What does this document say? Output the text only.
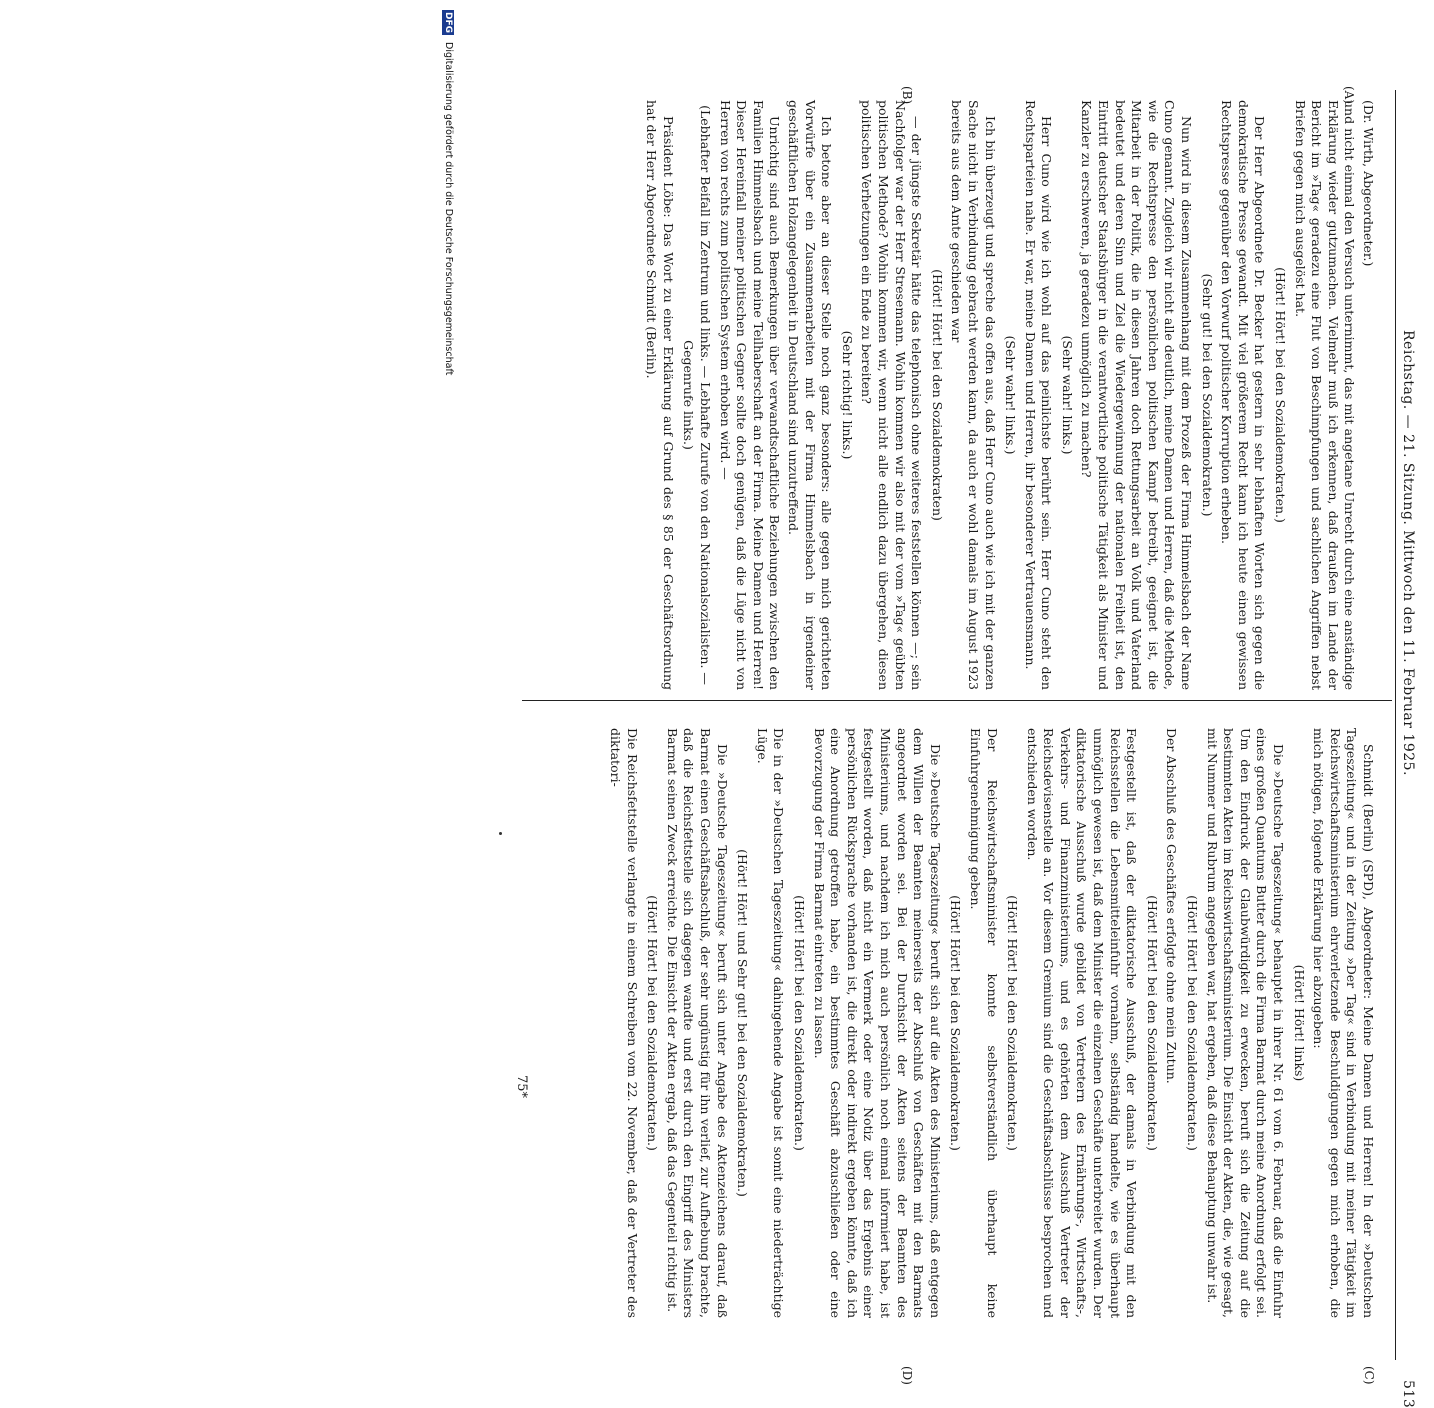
Reichstag. — 21. Sitzung. Mittwoch den 11. Februar 1925.
513
(A)
(B)
(C)
(D)

(Dr. Wirth, Abgeordneter.)

und nicht einmal den Versuch unternimmt, das mit angetane Unrecht durch eine anständige Erklärung wieder gutzumachen. Vielmehr muß ich erkennen, daß draußen im Lande der Bericht im »Tag« geradezu eine Flut von Beschimpfungen und sachlichen Angriffen nebst Briefen gegen mich ausgelöst hat.

(Hört! Hört! bei den Sozialdemokraten.)

Der Herr Abgeordnete Dr. Becker hat gestern in sehr lebhaften Worten sich gegen die demokratische Presse gewandt. Mit viel größerem Recht kann ich heute einen gewissen Rechtspresse gegenüber den Vorwurf politischer Korruption erheben.

(Sehr gut! bei den Sozialdemokraten.)

Nun wird in diesem Zusammenhang mit dem Prozeß der Firma Himmelsbach der Name Cuno genannt. Zugleich wir nicht alle deutlich, meine Damen und Herren, daß die Methode, wie die Rechtspresse den persönlichen politischen Kampf betreibt, geeignet ist, die Mitarbeit in der Politik, die in diesen Jahren doch Rettungsarbeit an Volk und Vaterland bedeutet und deren Sinn und Ziel die Wiedergewinnung der nationalen Freiheit ist, den Eintritt deutscher Staatsbürger in die verantwortliche politische Tätigkeit als Minister und Kanzler zu erschweren, ja geradezu unmöglich zu machen?

(Sehr wahr! links.)

Herr Cuno wird wie ich wohl auf das peinlichste berührt sein. Herr Cuno steht den Rechtsparteien nahe. Er war, meine Damen und Herren, ihr besonderer Vertrauensmann.

(Sehr wahr! links.)

Ich bin überzeugt und spreche das offen aus, daß Herr Cuno auch wie ich mit der ganzen Sache nicht in Verbindung gebracht werden kann, da auch er wohl damals im August 1923 bereits aus dem Amte geschieden war

(Hört! Hört! bei den Sozialdemokraten)

— der jüngste Sekretär hätte das telephonisch ohne weiteres feststellen können —; sein Nachfolger war der Herr Stresemann. Wohin kommen wir also mit der vom »Tag« geübten politischen Methode? Wohin kommen wir, wenn nicht alle endlich dazu übergehen, diesen politischen Verhetzungen ein Ende zu bereiten?

(Sehr richtig! links.)

Ich betone aber an dieser Stelle noch ganz besonders: alle gegen mich gerichteten Vorwürfe über ein Zusammenarbeiten mit der Firma Himmelsbach in irgendeiner geschäftlichen Holzangelegenheit in Deutschland sind unzutreffend.

Unrichtig sind auch Bemerkungen über verwandtschaftliche Beziehungen zwischen den Familien Himmelsbach und meine Teilhaberschaft an der Firma. Meine Damen und Herren! Dieser Hereinfall meiner politischen Gegner sollte doch genügen, daß die Lüge nicht von Herren von rechts zum politischen System erhoben wird. —

(Lebhafter Beifall im Zentrum und links. — Lebhafte Zurufe von den Nationalsozialisten. — Gegenrufe links.)

Präsident Löbe: Das Wort zu einer Erklärung auf Grund des § 85 der Geschäftsordnung hat der Herr Abgeordnete Schmidt (Berlin).

Schmidt (Berlin) (SPD), Abgeordneter: Meine Damen und Herren! In der »Deutschen Tageszeitung« und in der Zeitung »Der Tag« sind in Verbindung mit meiner Tätigkeit im Reichswirtschaftsministerium ehrverletzende Beschuldigungen gegen mich erhoben, die mich nötigen, folgende Erklärung hier abzugeben:

(Hört! Hört! links)

Die »Deutsche Tageszeitung« behauptet in ihrer Nr. 61 vom 6. Februar, daß die Einfuhr eines großen Quantums Butter durch die Firma Barmat durch meine Anordnung erfolgt sei. Um den Eindruck der Glaubwürdigkeit zu erwecken, beruft sich die Zeitung auf die bestimmten Akten im Reichswirtschaftsministerium. Die Einsicht der Akten, die, wie gesagt, mit Nummer und Rubrum angegeben war, hat ergeben, daß diese Behauptung unwahr ist.

(Hört! Hört! bei den Sozialdemokraten.)

Der Abschluß des Geschäftes erfolgte ohne mein Zutun.

(Hört! Hört! bei den Sozialdemokraten.)

Festgestellt ist, daß der diktatorische Ausschuß, der damals in Verbindung mit den Reichsstellen die Lebensmitteleinfuhr vornahm, selbständig handelte, wie es überhaupt unmöglich gewesen ist, daß dem Minister die einzelnen Geschäfte unterbreitet wurden. Der diktatorische Ausschuß wurde gebildet von Vertretern des Ernährungs-, Wirtschafts-, Verkehrs- und Finanzministeriums, und es gehörten dem Ausschuß Vertreter der Reichsdevisenstelle an. Vor diesem Gremium sind die Geschäftsabschlüsse besprochen und entschieden worden.

(Hört! Hört! bei den Sozialdemokraten.)

Der Reichswirtschaftsminister konnte selbstverständlich überhaupt keine Einfuhrgenehmigung geben.

(Hört! Hört! bei den Sozialdemokraten.)

Die »Deutsche Tageszeitung« beruft sich auf die Akten des Ministeriums, daß entgegen dem Willen der Beamten meinerseits der Abschluß von Geschäften mit den Barmats angeordnet worden sei. Bei der Durchsicht der Akten seitens der Beamten des Ministeriums, und nachdem ich mich auch persönlich noch einmal informiert habe, ist festgestellt worden, daß nicht ein Vermerk oder eine Notiz über das Ergebnis einer persönlichen Rücksprache vorhanden ist, die direkt oder indirekt ergeben könnte, daß ich eine Anordnung getroffen habe, ein bestimmtes Geschäft abzuschließen oder eine Bevorzugung der Firma Barmat eintreten zu lassen.

(Hört! Hört! bei den Sozialdemokraten.)

Die in der »Deutschen Tageszeitung« dahingehende Angabe ist somit eine niederträchtige Lüge.

(Hört! Hört! und Sehr gut! bei den Sozialdemokraten.)

Die »Deutsche Tageszeitung« beruft sich unter Angabe des Aktenzeichens darauf, daß Barmat einen Geschäftsabschluß, der sehr ungünstig für ihn verlief, zur Aufhebung brachte, daß die Reichsfettstelle sich dagegen wandte und erst durch den Eingriff des Ministers Barmat seinen Zweck erreichte. Die Einsicht der Akten ergab, daß das Gegenteil richtig ist.

(Hört! Hört! bei den Sozialdemokraten.)

Die Reichsfettstelle verlangte in einem Schreiben vom 22. November, daß der Vertreter des diktatori-

75*
DFG Digitalisierung gefördert durch die Deutsche Forschungsgemeinschaft
